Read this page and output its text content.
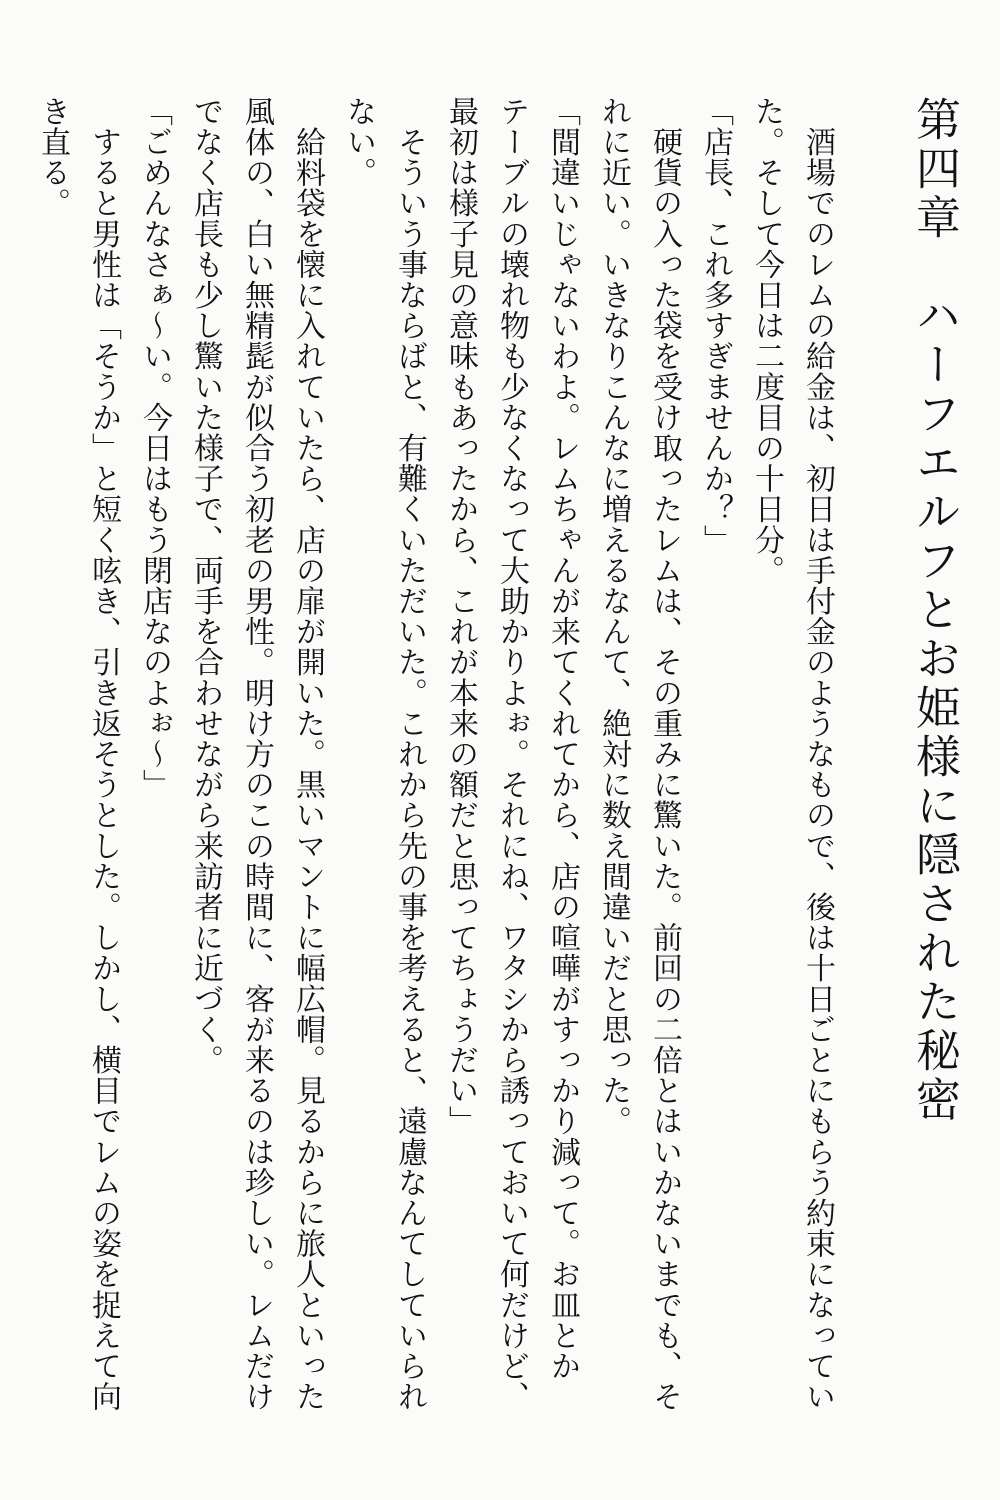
第四章　ハーフエルフとお姫様に隠された秘密

　酒場でのレムの給金は、初日は手付金のようなもので、後は十日ごとにもらう約束になってい

た。そして今日は二度目の十日分。

「店長、これ多すぎませんか？」

　硬貨の入った袋を受け取ったレムは、その重みに驚いた。前回の二倍とはいかないまでも、そ

れに近い。いきなりこんなに増えるなんて、絶対に数え間違いだと思った。

「間違いじゃないわよ。レムちゃんが来てくれてから、店の喧嘩がすっかり減って。お皿とか

テーブルの壊れ物も少なくなって大助かりよぉ。それにね、ワタシから誘っておいて何だけど、

最初は様子見の意味もあったから、これが本来の額だと思ってちょうだい」

　そういう事ならばと、有難くいただいた。これから先の事を考えると、遠慮なんてしていられ

ない。

　給料袋を懐に入れていたら、店の扉が開いた。黒いマントに幅広帽。見るからに旅人といった

風体の、白い無精髭が似合う初老の男性。明け方のこの時間に、客が来るのは珍しい。レムだけ

でなく店長も少し驚いた様子で、両手を合わせながら来訪者に近づく。

「ごめんなさぁ～い。今日はもう閉店なのよぉ～」

　すると男性は「そうか」と短く呟き、引き返そうとした。しかし、横目でレムの姿を捉えて向

き直る。
